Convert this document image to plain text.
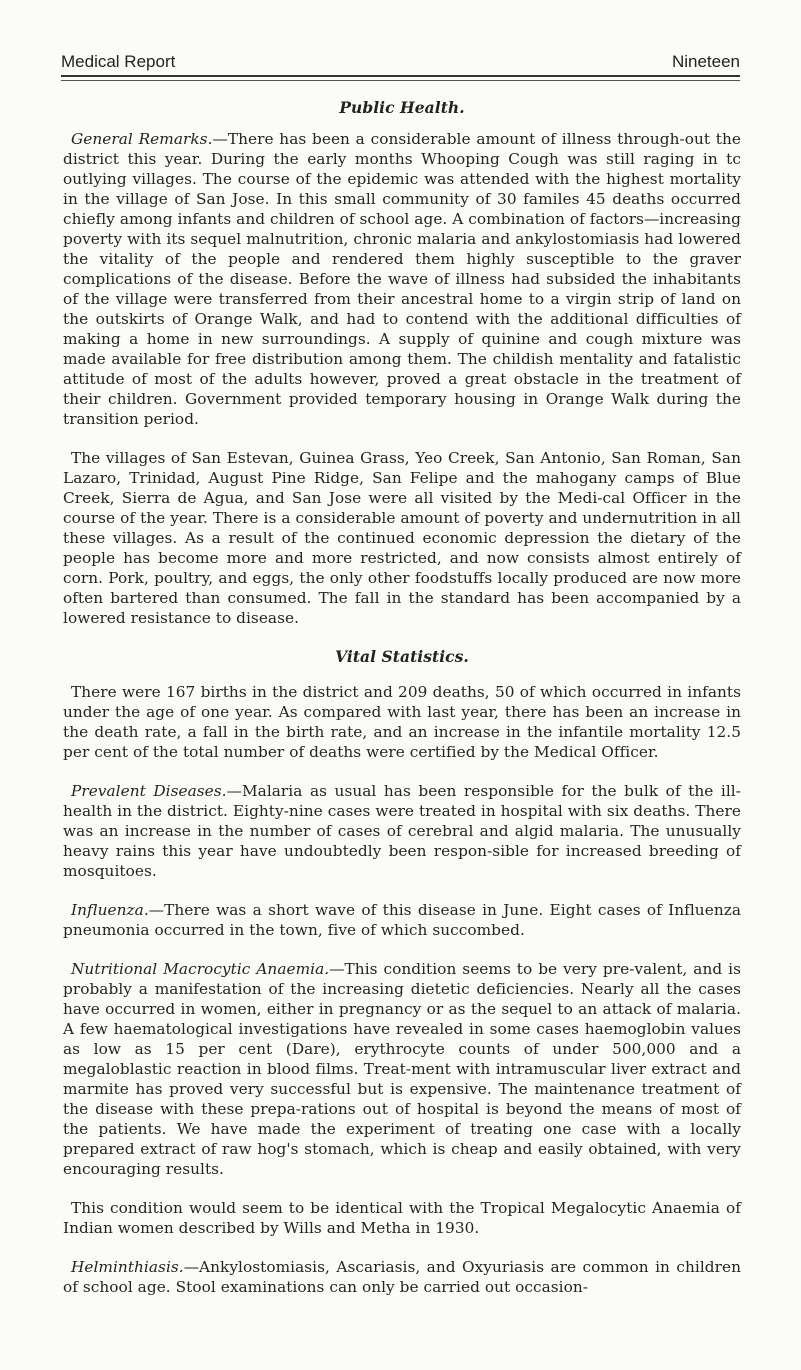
Medical Report	Nineteen
Public Health.

General Remarks.—There has been a considerable amount of illness through-out the district this year. During the early months Whooping Cough was still raging in tc outlying villages. The course of the epidemic was attended with the highest mortality in the village of San Jose. In this small community of 30 familes 45 deaths occurred chiefly among infants and children of school age. A combination of factors—increasing poverty with its sequel malnutrition, chronic malaria and ankylostomiasis had lowered the vitality of the people and rendered them highly susceptible to the graver complications of the disease. Before the wave of illness had subsided the inhabitants of the village were transferred from their ancestral home to a virgin strip of land on the outskirts of Orange Walk, and had to contend with the additional difficulties of making a home in new surroundings. A supply of quinine and cough mixture was made available for free distribution among them. The childish mentality and fatalistic attitude of most of the adults however, proved a great obstacle in the treatment of their children. Government provided temporary housing in Orange Walk during the transition period.

The villages of San Estevan, Guinea Grass, Yeo Creek, San Antonio, San Roman, San Lazaro, Trinidad, August Pine Ridge, San Felipe and the mahogany camps of Blue Creek, Sierra de Agua, and San Jose were all visited by the Medi-cal Officer in the course of the year. There is a considerable amount of poverty and undernutrition in all these villages. As a result of the continued economic depression the dietary of the people has become more and more restricted, and now consists almost entirely of corn. Pork, poultry, and eggs, the only other foodstuffs locally produced are now more often bartered than consumed. The fall in the standard has been accompanied by a lowered resistance to disease.

Vital Statistics.

There were 167 births in the district and 209 deaths, 50 of which occurred in infants under the age of one year. As compared with last year, there has been an increase in the death rate, a fall in the birth rate, and an increase in the infantile mortality 12.5 per cent of the total number of deaths were certified by the Medical Officer.

Prevalent Diseases.—Malaria as usual has been responsible for the bulk of the ill-health in the district. Eighty-nine cases were treated in hospital with six deaths. There was an increase in the number of cases of cerebral and algid malaria. The unusually heavy rains this year have undoubtedly been respon-sible for increased breeding of mosquitoes.

Influenza.—There was a short wave of this disease in June. Eight cases of Influenza pneumonia occurred in the town, five of which succombed.

Nutritional Macrocytic Anaemia.—This condition seems to be very pre-valent, and is probably a manifestation of the increasing dietetic deficiencies. Nearly all the cases have occurred in women, either in pregnancy or as the sequel to an attack of malaria. A few haematological investigations have revealed in some cases haemoglobin values as low as 15 per cent (Dare), erythrocyte counts of under 500,000 and a megaloblastic reaction in blood films. Treat-ment with intramuscular liver extract and marmite has proved very successful but is expensive. The maintenance treatment of the disease with these prepa-rations out of hospital is beyond the means of most of the patients. We have made the experiment of treating one case with a locally prepared extract of raw hog's stomach, which is cheap and easily obtained, with very encouraging results.

This condition would seem to be identical with the Tropical Megalocytic Anaemia of Indian women described by Wills and Metha in 1930.

Helminthiasis.—Ankylostomiasis, Ascariasis, and Oxyuriasis are common in children of school age. Stool examinations can only be carried out occasion-
